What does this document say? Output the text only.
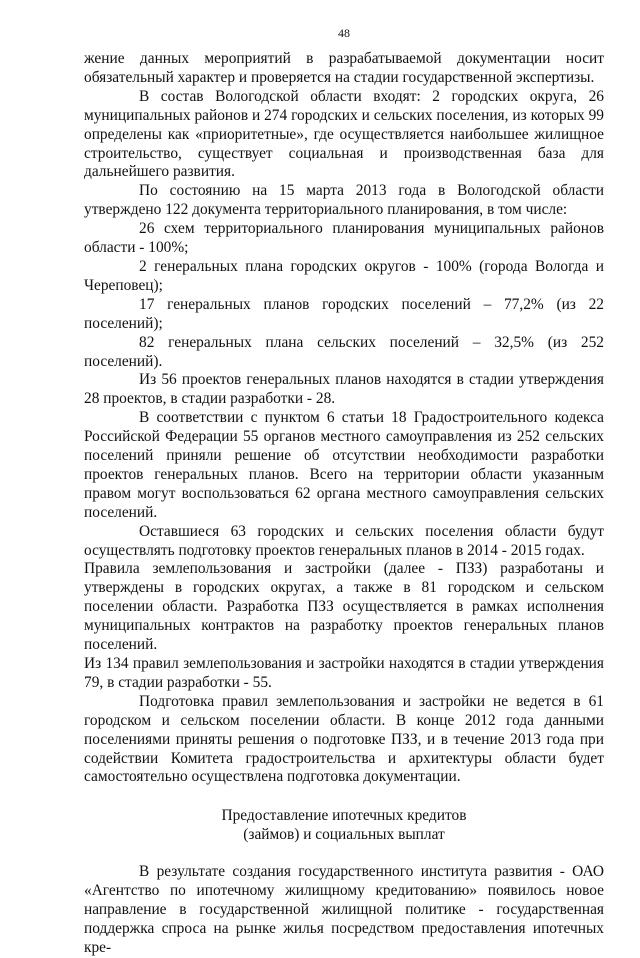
48

жение данных мероприятий в разрабатываемой документации носит обязательный характер и проверяется на стадии государственной экспертизы.

В состав Вологодской области входят: 2 городских округа, 26 муниципальных районов и 274 городских и сельских поселения, из которых 99 определены как «приоритетные», где осуществляется наибольшее жилищное строительство, существует социальная и производственная база для дальнейшего развития.

По состоянию на 15 марта 2013 года в Вологодской области утверждено 122 документа территориального планирования, в том числе:

26 схем территориального планирования муниципальных районов области - 100%;

2 генеральных плана городских округов - 100% (города Вологда и Череповец);

17 генеральных планов городских поселений – 77,2% (из 22 поселений);

82 генеральных плана сельских поселений – 32,5% (из 252 поселений).

Из 56 проектов генеральных планов находятся в стадии утверждения 28 проектов, в стадии разработки - 28.

В соответствии с пунктом 6 статьи 18 Градостроительного кодекса Российской Федерации 55 органов местного самоуправления из 252 сельских поселений приняли решение об отсутствии необходимости разработки проектов генеральных планов. Всего на территории области указанным правом могут воспользоваться 62 органа местного самоуправления сельских поселений.

Оставшиеся 63 городских и сельских поселения области будут осуществлять подготовку проектов генеральных планов в 2014 - 2015 годах.

Правила землепользования и застройки (далее - ПЗЗ) разработаны и утверждены в городских округах, а также в 81 городском и сельском поселении области. Разработка ПЗЗ осуществляется в рамках исполнения муниципальных контрактов на разработку проектов генеральных планов поселений.

Из 134 правил землепользования и застройки находятся в стадии утверждения 79, в стадии разработки - 55.

Подготовка правил землепользования и застройки не ведется в 61 городском и сельском поселении области. В конце 2012 года данными поселениями приняты решения о подготовке ПЗЗ, и в течение 2013 года при содействии Комитета градостроительства и архитектуры области будет самостоятельно осуществлена подготовка документации.

Предоставление ипотечных кредитов

(займов) и социальных выплат

В результате создания государственного института развития - ОАО «Агентство по ипотечному жилищному кредитованию» появилось новое направление в государственной жилищной политике - государственная поддержка спроса на рынке жилья посредством предоставления ипотечных кре-
